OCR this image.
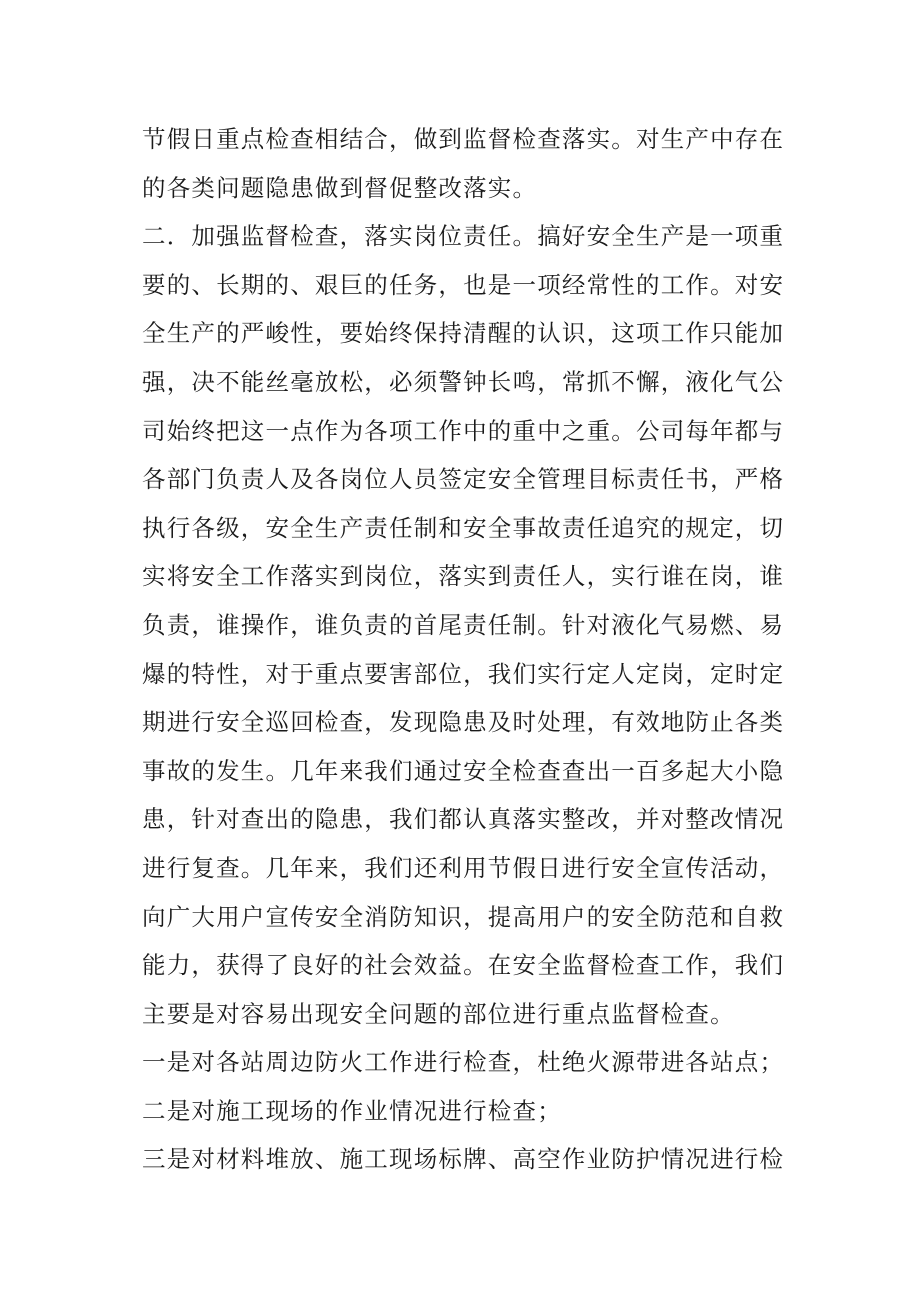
节假日重点检查相结合，做到监督检查落实。对生产中存在
的各类问题隐患做到督促整改落实。
二．加强监督检查，落实岗位责任。搞好安全生产是一项重
要的、长期的、艰巨的任务，也是一项经常性的工作。对安
全生产的严峻性，要始终保持清醒的认识，这项工作只能加
强，决不能丝毫放松，必须警钟长鸣，常抓不懈，液化气公
司始终把这一点作为各项工作中的重中之重。公司每年都与
各部门负责人及各岗位人员签定安全管理目标责任书，严格
执行各级，安全生产责任制和安全事故责任追究的规定，切
实将安全工作落实到岗位，落实到责任人，实行谁在岗，谁
负责，谁操作，谁负责的首尾责任制。针对液化气易燃、易
爆的特性，对于重点要害部位，我们实行定人定岗，定时定
期进行安全巡回检查，发现隐患及时处理，有效地防止各类
事故的发生。几年来我们通过安全检查查出一百多起大小隐
患，针对查出的隐患，我们都认真落实整改，并对整改情况
进行复查。几年来，我们还利用节假日进行安全宣传活动，
向广大用户宣传安全消防知识，提高用户的安全防范和自救
能力，获得了良好的社会效益。在安全监督检查工作，我们
主要是对容易出现安全问题的部位进行重点监督检查。
一是对各站周边防火工作进行检查，杜绝火源带进各站点；
二是对施工现场的作业情况进行检查；
三是对材料堆放、施工现场标牌、高空作业防护情况进行检
